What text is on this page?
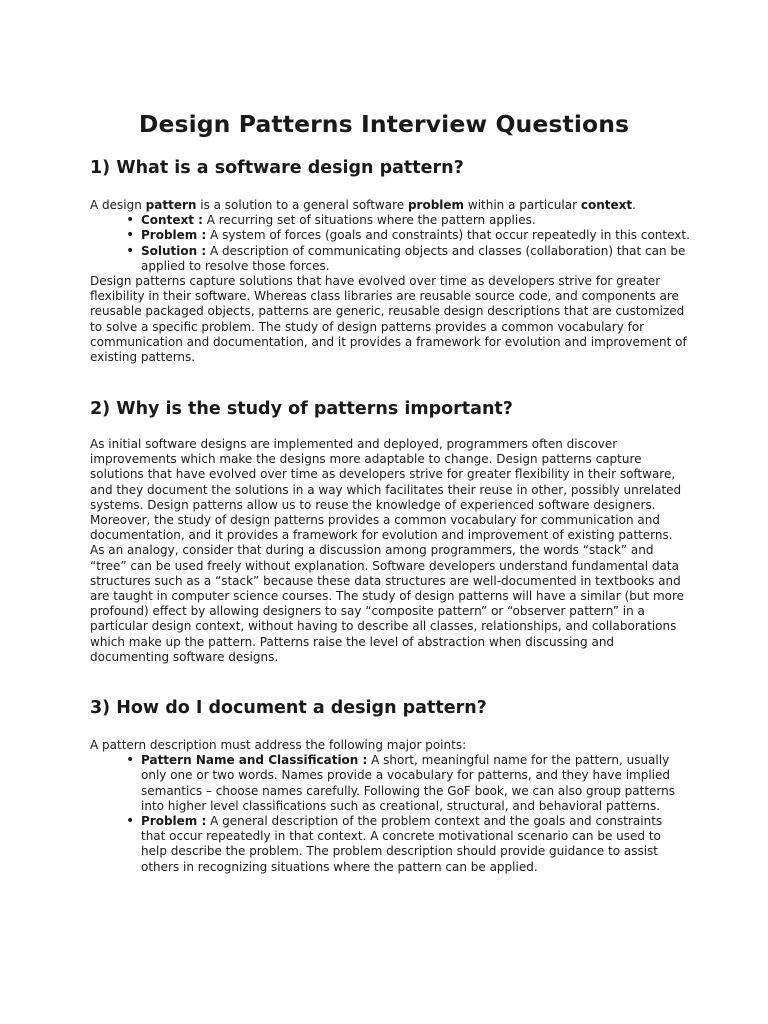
Design Patterns Interview Questions
1) What is a software design pattern?

A design pattern is a solution to a general software problem within a particular context.

• Context : A recurring set of situations where the pattern applies.
• Problem : A system of forces (goals and constraints) that occur repeatedly in this context.
• Solution : A description of communicating objects and classes (collaboration) that can be applied to resolve those forces.

Design patterns capture solutions that have evolved over time as developers strive for greater flexibility in their software. Whereas class libraries are reusable source code, and components are reusable packaged objects, patterns are generic, reusable design descriptions that are customized to solve a specific problem. The study of design patterns provides a common vocabulary for communication and documentation, and it provides a framework for evolution and improvement of existing patterns.

2) Why is the study of patterns important?

As initial software designs are implemented and deployed, programmers often discover improvements which make the designs more adaptable to change. Design patterns capture solutions that have evolved over time as developers strive for greater flexibility in their software, and they document the solutions in a way which facilitates their reuse in other, possibly unrelated systems. Design patterns allow us to reuse the knowledge of experienced software designers.

Moreover, the study of design patterns provides a common vocabulary for communication and documentation, and it provides a framework for evolution and improvement of existing patterns. As an analogy, consider that during a discussion among programmers, the words “stack” and “tree” can be used freely without explanation. Software developers understand fundamental data structures such as a “stack” because these data structures are well-documented in textbooks and are taught in computer science courses. The study of design patterns will have a similar (but more profound) effect by allowing designers to say “composite pattern” or “observer pattern” in a particular design context, without having to describe all classes, relationships, and collaborations which make up the pattern. Patterns raise the level of abstraction when discussing and documenting software designs.

3) How do I document a design pattern?

A pattern description must address the following major points:

• Pattern Name and Classification : A short, meaningful name for the pattern, usually only one or two words. Names provide a vocabulary for patterns, and they have implied semantics – choose names carefully. Following the GoF book, we can also group patterns into higher level classifications such as creational, structural, and behavioral patterns.
• Problem : A general description of the problem context and the goals and constraints that occur repeatedly in that context. A concrete motivational scenario can be used to help describe the problem. The problem description should provide guidance to assist others in recognizing situations where the pattern can be applied.
